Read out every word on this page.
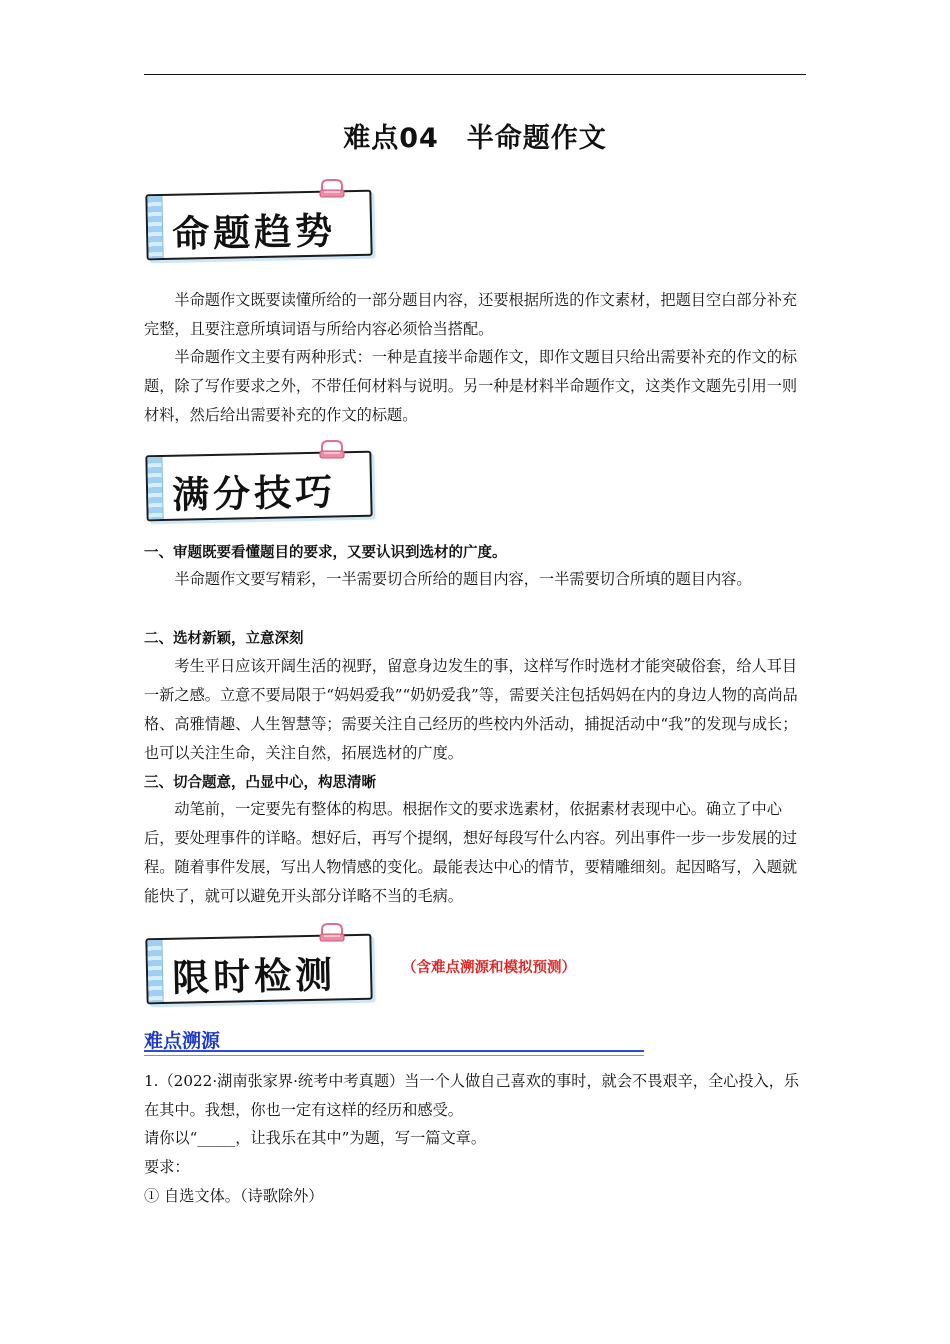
难点04　半命题作文
命题趋势
半命题作文既要读懂所给的一部分题目内容，还要根据所选的作文素材，把题目空白部分补充完整，且要注意所填词语与所给内容必须恰当搭配。
半命题作文主要有两种形式：一种是直接半命题作文，即作文题目只给出需要补充的作文的标题，除了写作要求之外，不带任何材料与说明。另一种是材料半命题作文，这类作文题先引用一则材料，然后给出需要补充的作文的标题。
满分技巧
一、审题既要看懂题目的要求，又要认识到选材的广度。
半命题作文要写精彩，一半需要切合所给的题目内容，一半需要切合所填的题目内容。
二、选材新颖，立意深刻
考生平日应该开阔生活的视野，留意身边发生的事，这样写作时选材才能突破俗套，给人耳目一新之感。立意不要局限于“妈妈爱我”“奶奶爱我”等，需要关注包括妈妈在内的身边人物的高尚品格、高雅情趣、人生智慧等；需要关注自己经历的些校内外活动，捕捉活动中“我”的发现与成长；也可以关注生命，关注自然，拓展选材的广度。
三、切合题意，凸显中心，构思清晰
动笔前，一定要先有整体的构思。根据作文的要求选素材，依据素材表现中心。确立了中心后，要处理事件的详略。想好后，再写个提纲，想好每段写什么内容。列出事件一步一步发展的过程。随着事件发展，写出人物情感的变化。最能表达中心的情节，要精雕细刻。起因略写，入题就能快了，就可以避免开头部分详略不当的毛病。
限时检测	（含难点溯源和模拟预测）
难点溯源
1.（2022·湖南张家界·统考中考真题）当一个人做自己喜欢的事时，就会不畏艰辛，全心投入，乐在其中。我想，你也一定有这样的经历和感受。
请你以“_____，让我乐在其中”为题，写一篇文章。
要求：
① 自选文体。（诗歌除外）
